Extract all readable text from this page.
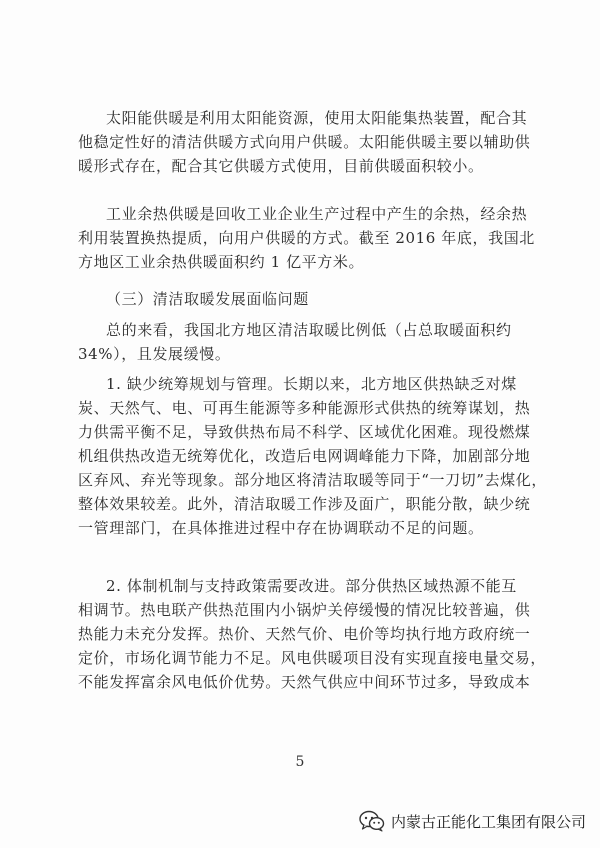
太阳能供暖是利用太阳能资源，使用太阳能集热装置，配合其
他稳定性好的清洁供暖方式向用户供暖。太阳能供暖主要以辅助供
暖形式存在，配合其它供暖方式使用，目前供暖面积较小。
工业余热供暖是回收工业企业生产过程中产生的余热，经余热
利用装置换热提质，向用户供暖的方式。截至 2016 年底，我国北
方地区工业余热供暖面积约 1 亿平方米。
（三）清洁取暖发展面临问题
总的来看，我国北方地区清洁取暖比例低（占总取暖面积约
34%），且发展缓慢。
1. 缺少统筹规划与管理。长期以来，北方地区供热缺乏对煤
炭、天然气、电、可再生能源等多种能源形式供热的统筹谋划，热
力供需平衡不足，导致供热布局不科学、区域优化困难。现役燃煤
机组供热改造无统筹优化，改造后电网调峰能力下降，加剧部分地
区弃风、弃光等现象。部分地区将清洁取暖等同于“一刀切”去煤化，
整体效果较差。此外，清洁取暖工作涉及面广，职能分散，缺少统
一管理部门，在具体推进过程中存在协调联动不足的问题。
2. 体制机制与支持政策需要改进。部分供热区域热源不能互
相调节。热电联产供热范围内小锅炉关停缓慢的情况比较普遍，供
热能力未充分发挥。热价、天然气价、电价等均执行地方政府统一
定价，市场化调节能力不足。风电供暖项目没有实现直接电量交易，
不能发挥富余风电低价优势。天然气供应中间环节过多，导致成本
5
内蒙古正能化工集团有限公司
